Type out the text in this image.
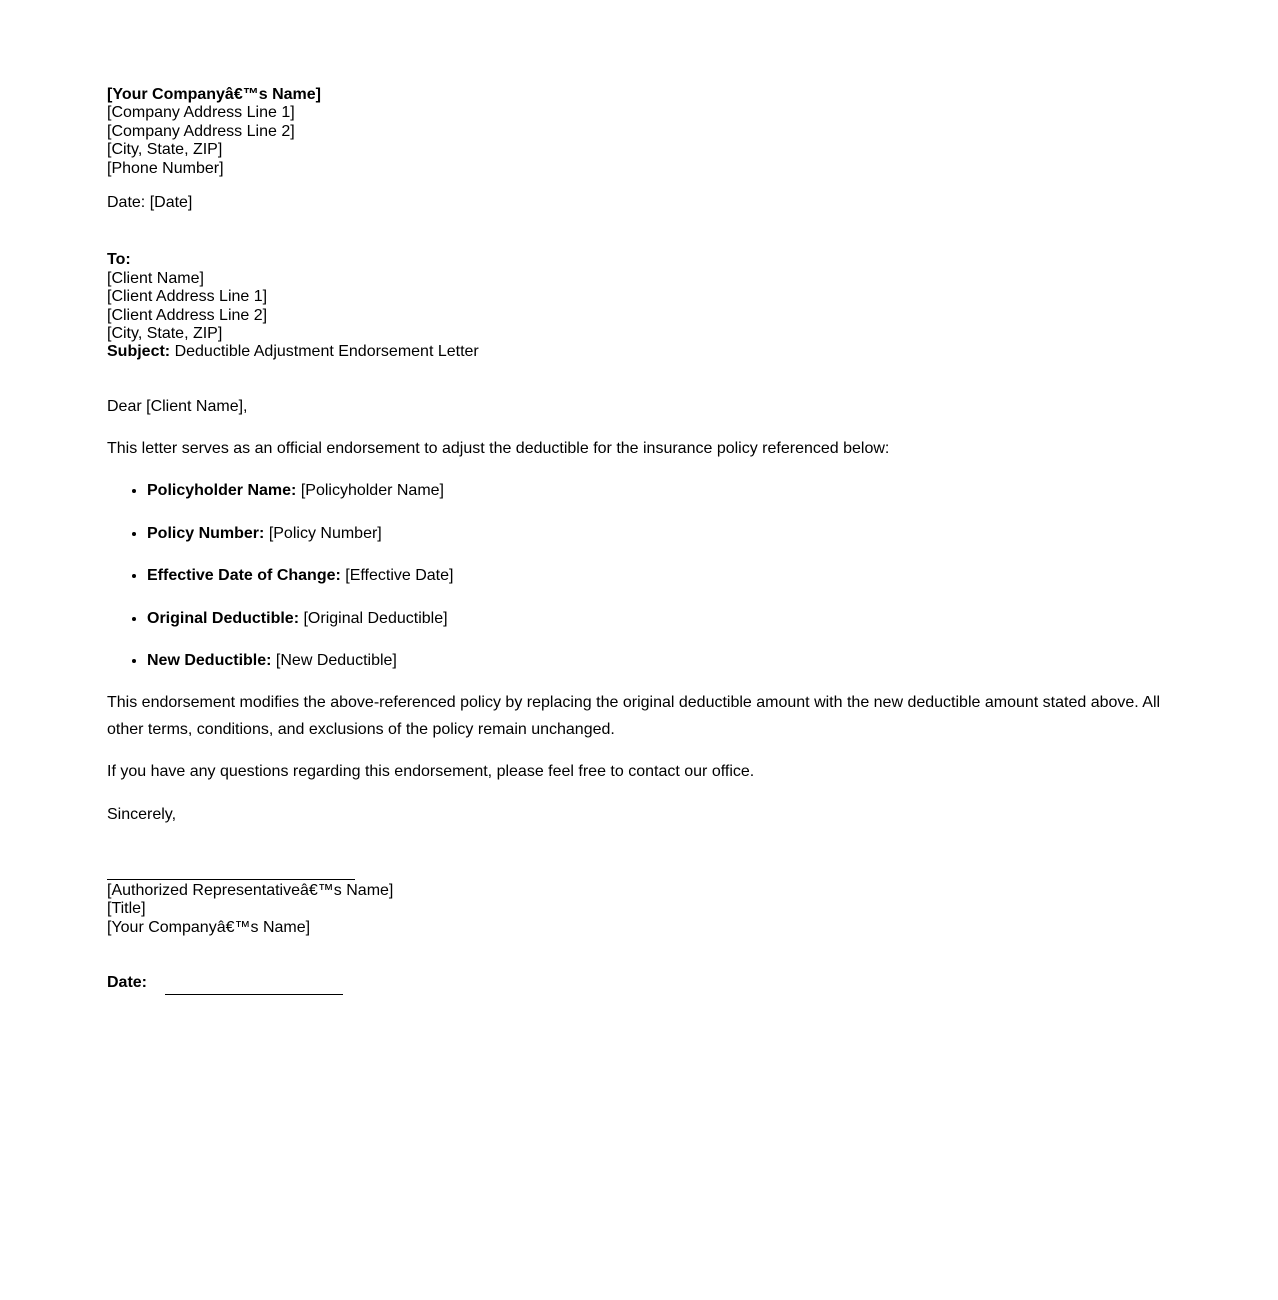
[Your Companyâ€™s Name]
[Company Address Line 1]
[Company Address Line 2]
[City, State, ZIP]
[Phone Number]

Date: [Date]

To:
[Client Name]
[Client Address Line 1]
[Client Address Line 2]
[City, State, ZIP]
Subject: Deductible Adjustment Endorsement Letter

Dear [Client Name],

This letter serves as an official endorsement to adjust the deductible for the insurance policy referenced below:

• Policyholder Name: [Policyholder Name]
• Policy Number: [Policy Number]
• Effective Date of Change: [Effective Date]
• Original Deductible: [Original Deductible]
• New Deductible: [New Deductible]

This endorsement modifies the above-referenced policy by replacing the original deductible amount with the new deductible amount stated above. All other terms, conditions, and exclusions of the policy remain unchanged.

If you have any questions regarding this endorsement, please feel free to contact our office.

Sincerely,

[Authorized Representativeâ€™s Name]
[Title]
[Your Companyâ€™s Name]

Date:
